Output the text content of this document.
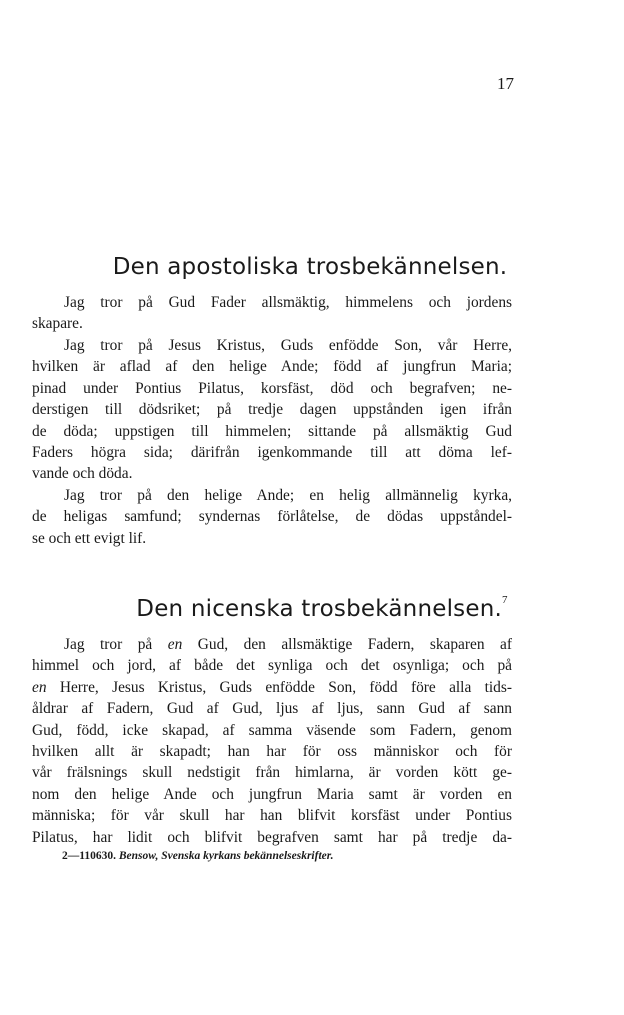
17
Den apostoliska trosbekännelsen.
Jag tror på Gud Fader allsmäktig, himmelens och jordens
skapare.
Jag tror på Jesus Kristus, Guds enfödde Son, vår Herre,
hvilken är aflad af den helige Ande; född af jungfrun Maria;
pinad under Pontius Pilatus, korsfäst, död och begrafven; ne-
derstigen till dödsriket; på tredje dagen uppstånden igen ifrån
de döda; uppstigen till himmelen; sittande på allsmäktig Gud
Faders högra sida; därifrån igenkommande till att döma lef-
vande och döda.
Jag tror på den helige Ande; en helig allmännelig kyrka,
de heligas samfund; syndernas förlåtelse, de dödas uppståndel-
se och ett evigt lif.
Den nicenska trosbekännelsen.$^7$
Jag tror på en Gud, den allsmäktige Fadern, skaparen af
himmel och jord, af både det synliga och det osynliga; och på
en Herre, Jesus Kristus, Guds enfödde Son, född före alla tids-
åldrar af Fadern, Gud af Gud, ljus af ljus, sann Gud af sann
Gud, född, icke skapad, af samma väsende som Fadern, genom
hvilken allt är skapadt; han har för oss människor och för
vår frälsnings skull nedstigit från himlarna, är vorden kött ge-
nom den helige Ande och jungfrun Maria samt är vorden en
människa; för vår skull har han blifvit korsfäst under Pontius
Pilatus, har lidit och blifvit begrafven samt har på tredje da-
2—110630. Bensow, Svenska kyrkans bekännelseskrifter.
